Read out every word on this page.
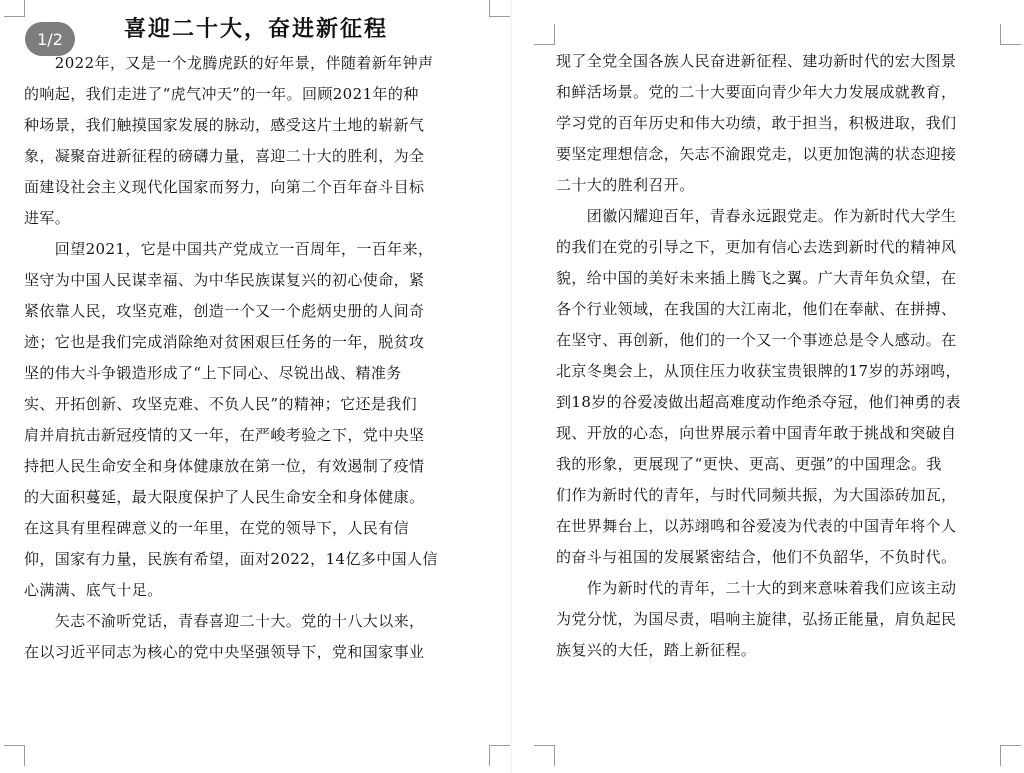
喜迎二十大，奋进新征程
1/2
　　2022年，又是一个龙腾虎跃的好年景，伴随着新年钟声
的响起，我们走进了“虎气冲天”的一年。回顾2021年的种
种场景，我们触摸国家发展的脉动，感受这片土地的崭新气
象，凝聚奋进新征程的磅礴力量，喜迎二十大的胜利，为全
面建设社会主义现代化国家而努力，向第二个百年奋斗目标
进军。
　　回望2021，它是中国共产党成立一百周年，一百年来，
坚守为中国人民谋幸福、为中华民族谋复兴的初心使命，紧
紧依靠人民，攻坚克难，创造一个又一个彪炳史册的人间奇
迹；它也是我们完成消除绝对贫困艰巨任务的一年，脱贫攻
坚的伟大斗争锻造形成了“上下同心、尽锐出战、精准务
实、开拓创新、攻坚克难、不负人民”的精神；它还是我们
肩并肩抗击新冠疫情的又一年，在严峻考验之下，党中央坚
持把人民生命安全和身体健康放在第一位，有效遏制了疫情
的大面积蔓延，最大限度保护了人民生命安全和身体健康。
在这具有里程碑意义的一年里，在党的领导下，人民有信
仰，国家有力量，民族有希望，面对2022，14亿多中国人信
心满满、底气十足。
　　矢志不渝听党话，青春喜迎二十大。党的十八大以来，
在以习近平同志为核心的党中央坚强领导下，党和国家事业
现了全党全国各族人民奋进新征程、建功新时代的宏大图景
和鲜活场景。党的二十大要面向青少年大力发展成就教育，
学习党的百年历史和伟大功绩，敢于担当，积极进取，我们
要坚定理想信念，矢志不渝跟党走，以更加饱满的状态迎接
二十大的胜利召开。
　　团徽闪耀迎百年，青春永远跟党走。作为新时代大学生
的我们在党的引导之下，更加有信心去迭到新时代的精神风
貌，给中国的美好未来插上腾飞之翼。广大青年负众望，在
各个行业领域，在我国的大江南北，他们在奉献、在拼搏、
在坚守、再创新，他们的一个又一个事迹总是令人感动。在
北京冬奥会上，从顶住压力收获宝贵银牌的17岁的苏翊鸣，
到18岁的谷爱凌做出超高难度动作绝杀夺冠，他们神勇的表
现、开放的心态，向世界展示着中国青年敢于挑战和突破自
我的形象，更展现了“更快、更高、更强”的中国理念。我
们作为新时代的青年，与时代同频共振，为大国添砖加瓦，
在世界舞台上，以苏翊鸣和谷爱凌为代表的中国青年将个人
的奋斗与祖国的发展紧密结合，他们不负韶华，不负时代。
　　作为新时代的青年，二十大的到来意味着我们应该主动
为党分忧，为国尽责，唱响主旋律，弘扬正能量，肩负起民
族复兴的大任，踏上新征程。
